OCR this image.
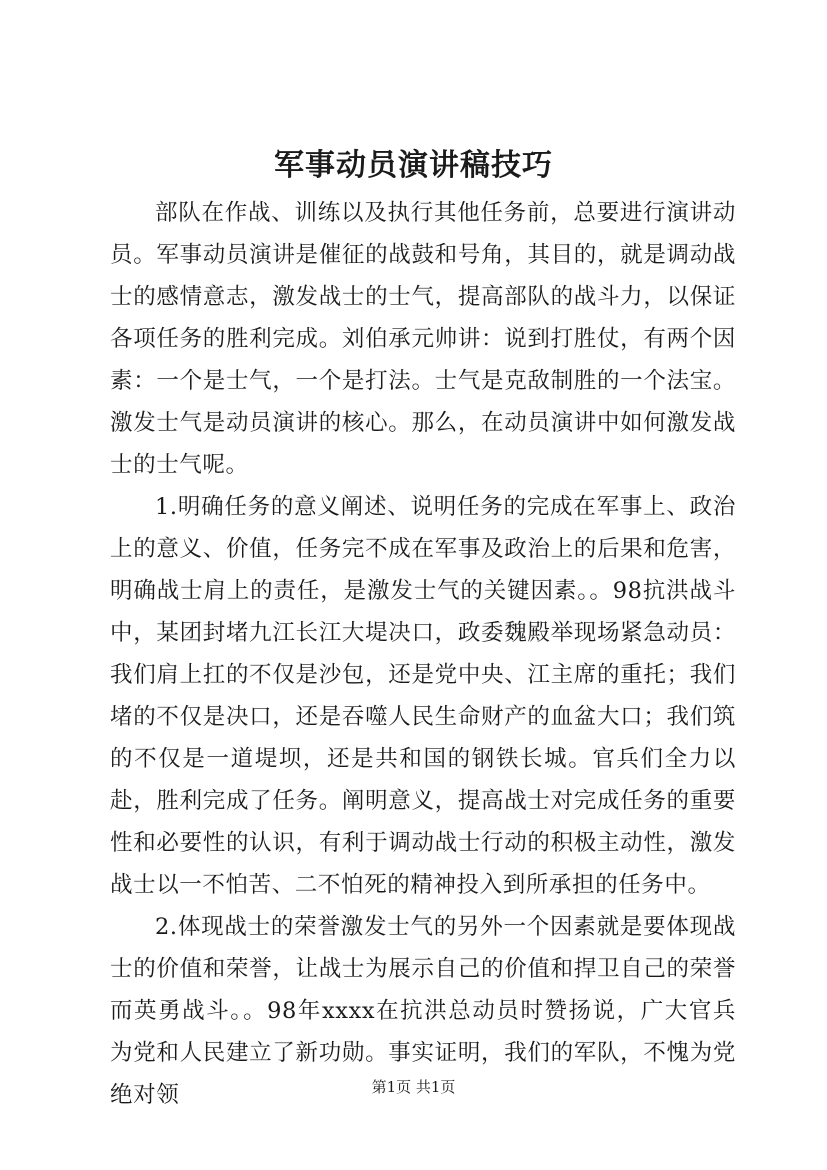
军事动员演讲稿技巧

部队在作战、训练以及执行其他任务前，总要进行演讲动员。军事动员演讲是催征的战鼓和号角，其目的，就是调动战士的感情意志，激发战士的士气，提高部队的战斗力，以保证各项任务的胜利完成。刘伯承元帅讲：说到打胜仗，有两个因素：一个是士气，一个是打法。士气是克敌制胜的一个法宝。激发士气是动员演讲的核心。那么，在动员演讲中如何激发战士的士气呢。

1.明确任务的意义阐述、说明任务的完成在军事上、政治上的意义、价值，任务完不成在军事及政治上的后果和危害，明确战士肩上的责任，是激发士气的关键因素。。98抗洪战斗中，某团封堵九江长江大堤决口，政委魏殿举现场紧急动员：我们肩上扛的不仅是沙包，还是党中央、江主席的重托；我们堵的不仅是决口，还是吞噬人民生命财产的血盆大口；我们筑的不仅是一道堤坝，还是共和国的钢铁长城。官兵们全力以赴，胜利完成了任务。阐明意义，提高战士对完成任务的重要性和必要性的认识，有利于调动战士行动的积极主动性，激发战士以一不怕苦、二不怕死的精神投入到所承担的任务中。

2.体现战士的荣誉激发士气的另外一个因素就是要体现战士的价值和荣誉，让战士为展示自己的价值和捍卫自己的荣誉而英勇战斗。。98年xxxx在抗洪总动员时赞扬说，广大官兵为党和人民建立了新功勋。事实证明，我们的军队，不愧为党绝对领	第1页 共1页
